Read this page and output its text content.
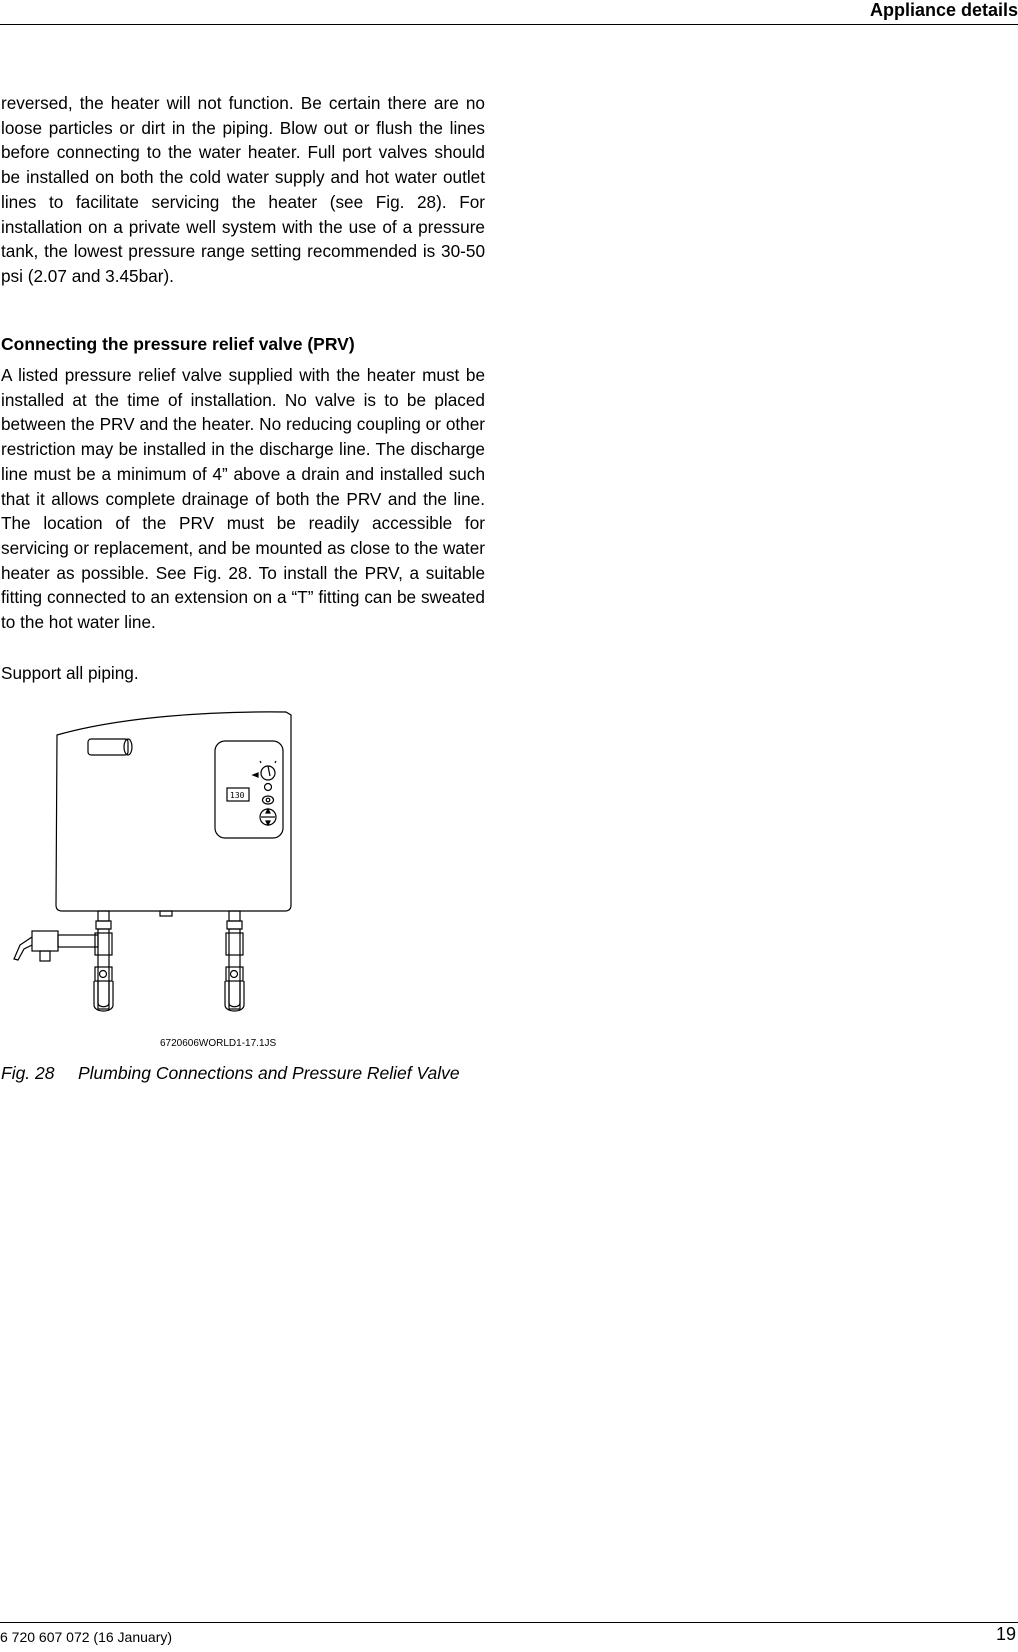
Appliance details

reversed, the heater will not function. Be certain there are no loose particles or dirt in the piping. Blow out or flush the lines before connecting to the water heater. Full port valves should be installed on both the cold water supply and hot water outlet lines to facilitate servicing the heater (see Fig. 28). For installation on a private well system with the use of a pressure tank, the lowest pressure range setting recommended is 30-50 psi (2.07 and 3.45bar).

Connecting the pressure relief valve (PRV)

A listed pressure relief valve supplied with the heater must be installed at the time of installation. No valve is to be placed between the PRV and the heater. No reducing coupling or other restriction may be installed in the discharge line. The discharge line must be a minimum of 4” above a drain and installed such that it allows complete drainage of both the PRV and the line. The location of the PRV must be readily accessible for servicing or replacement, and be mounted as close to the water heater as possible. See Fig. 28. To install the PRV, a suitable fitting connected to an extension on a “T” fitting can be sweated to the hot water line.

Support all piping.

130
6720606WORLD1-17.1JS
Fig. 28 Plumbing Connections and Pressure Relief Valve
6 720 607 072 (16 January)	19
